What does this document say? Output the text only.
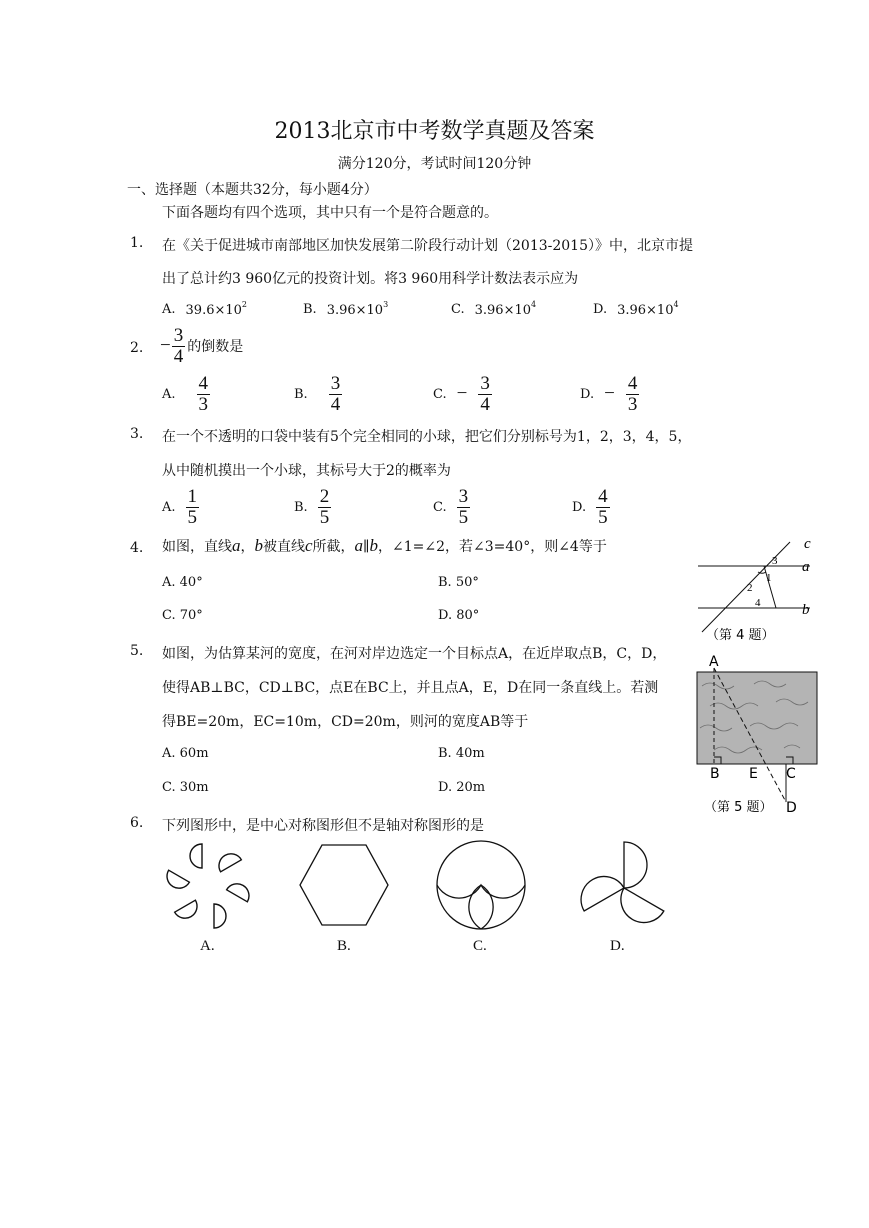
2013北京市中考数学真题及答案
满分120分，考试时间120分钟
一、选择题（本题共32分，每小题4分）
下面各题均有四个选项，其中只有一个是符合题意的。
1. 在《关于促进城市南部地区加快发展第二阶段行动计划（2013-2015）》中，北京市提
出了总计约3 960亿元的投资计划。将3 960用科学计数法表示应为
A. $39.6\times 10^2$	B. $3.96\times 10^3$	C. $3.96\times 10^4$	D. $3.96\times 10^4$
2. − $\frac{3}{4}$ 的倒数是
A. $\frac{4}{3}$	B. $\frac{3}{4}$	C. − $\frac{3}{4}$	D. − $\frac{4}{3}$
3. 在一个不透明的口袋中装有5个完全相同的小球，把它们分别标号为1，2，3，4，5，
从中随机摸出一个小球，其标号大于2的概率为
A. $\frac{1}{5}$	B. $\frac{2}{5}$	C. $\frac{3}{5}$	D. $\frac{4}{5}$
4. 如图，直线 a ， b 被直线 c 所截， a ∥ b ，∠1=∠2，若∠3=40°，则∠4等于
A. 40°	B. 50°
C. 70°	D. 80°
c
a
b
3
1
2
4
（第 4 题）
5. 如图，为估算某河的宽度，在河对岸边选定一个目标点A，在近岸取点B，C，D，
使得AB⊥BC，CD⊥BC，点E在BC上，并且点A，E，D在同一条直线上。若测
得BE=20m，EC=10m，CD=20m，则河的宽度AB等于
A. 60m	B. 40m
C. 30m	D. 20m
A
B E C
D
（第 5 题）
6. 下列图形中，是中心对称图形但不是轴对称图形的是
A.	B.	C.	D.
